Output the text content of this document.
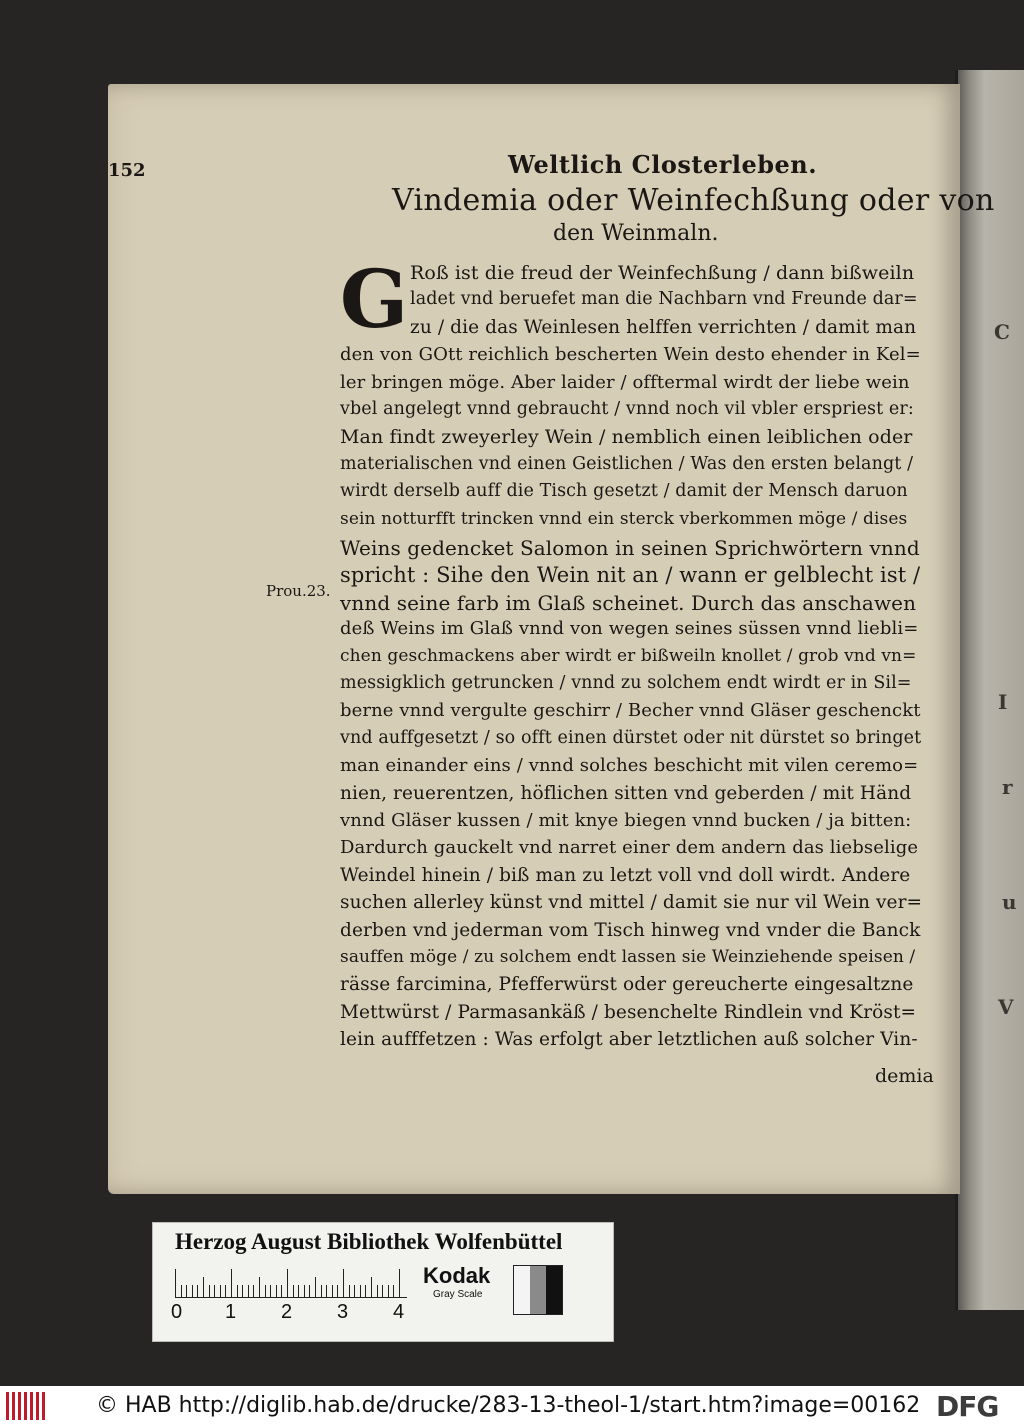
C
I
r
u
V
152	Weltlich Closterleben.
Vindemia oder Weinfechßung oder von
den Weinmaln.
G
Prou.23.
Roß ist die freud der Weinfechßung / dann bißweiln
ladet vnd beruefet man die Nachbarn vnd Freunde dar=
zu / die das Weinlesen helffen verrichten / damit man
den von GOtt reichlich bescherten Wein desto ehender in Kel=
ler bringen möge. Aber laider / offtermal wirdt der liebe wein
vbel angelegt vnnd gebraucht / vnnd noch vil vbler erspriest er:
Man findt zweyerley Wein / nemblich einen leiblichen oder
materialischen vnd einen Geistlichen / Was den ersten belangt /
wirdt derselb auff die Tisch gesetzt / damit der Mensch daruon
sein notturfft trincken vnnd ein sterck vberkommen möge / dises
Weins gedencket Salomon in seinen Sprichwörtern vnnd
spricht : Sihe den Wein nit an / wann er gelblecht ist /
vnnd seine farb im Glaß scheinet. Durch das anschawen
deß Weins im Glaß vnnd von wegen seines süssen vnnd liebli=
chen geschmackens aber wirdt er bißweiln knollet / grob vnd vn=
messigklich getruncken / vnnd zu solchem endt wirdt er in Sil=
berne vnnd vergulte geschirr / Becher vnnd Gläser geschenckt
vnd auffgesetzt / so offt einen dürstet oder nit dürstet so bringet
man einander eins / vnnd solches beschicht mit vilen ceremo=
nien, reuerentzen, höflichen sitten vnd geberden / mit Händ
vnnd Gläser kussen / mit knye biegen vnnd bucken / ja bitten:
Dardurch gauckelt vnd narret einer dem andern das liebselige
Weindel hinein / biß man zu letzt voll vnd doll wirdt. Andere
suchen allerley künst vnd mittel / damit sie nur vil Wein ver=
derben vnd jederman vom Tisch hinweg vnd vnder die Banck
sauffen möge / zu solchem endt lassen sie Weinziehende speisen /
rässe farcimina, Pfefferwürst oder gereucherte eingesaltzne
Mettwürst / Parmasankäß / besenchelte Rindlein vnd Kröst=
lein aufffetzen : Was erfolgt aber letztlichen auß solcher Vin-
demia
Herzog August Bibliothek Wolfenbüttel
0 1 2 3 4
Kodak
Gray Scale
© HAB http://diglib.hab.de/drucke/283-13-theol-1/start.htm?image=00162 DFG
